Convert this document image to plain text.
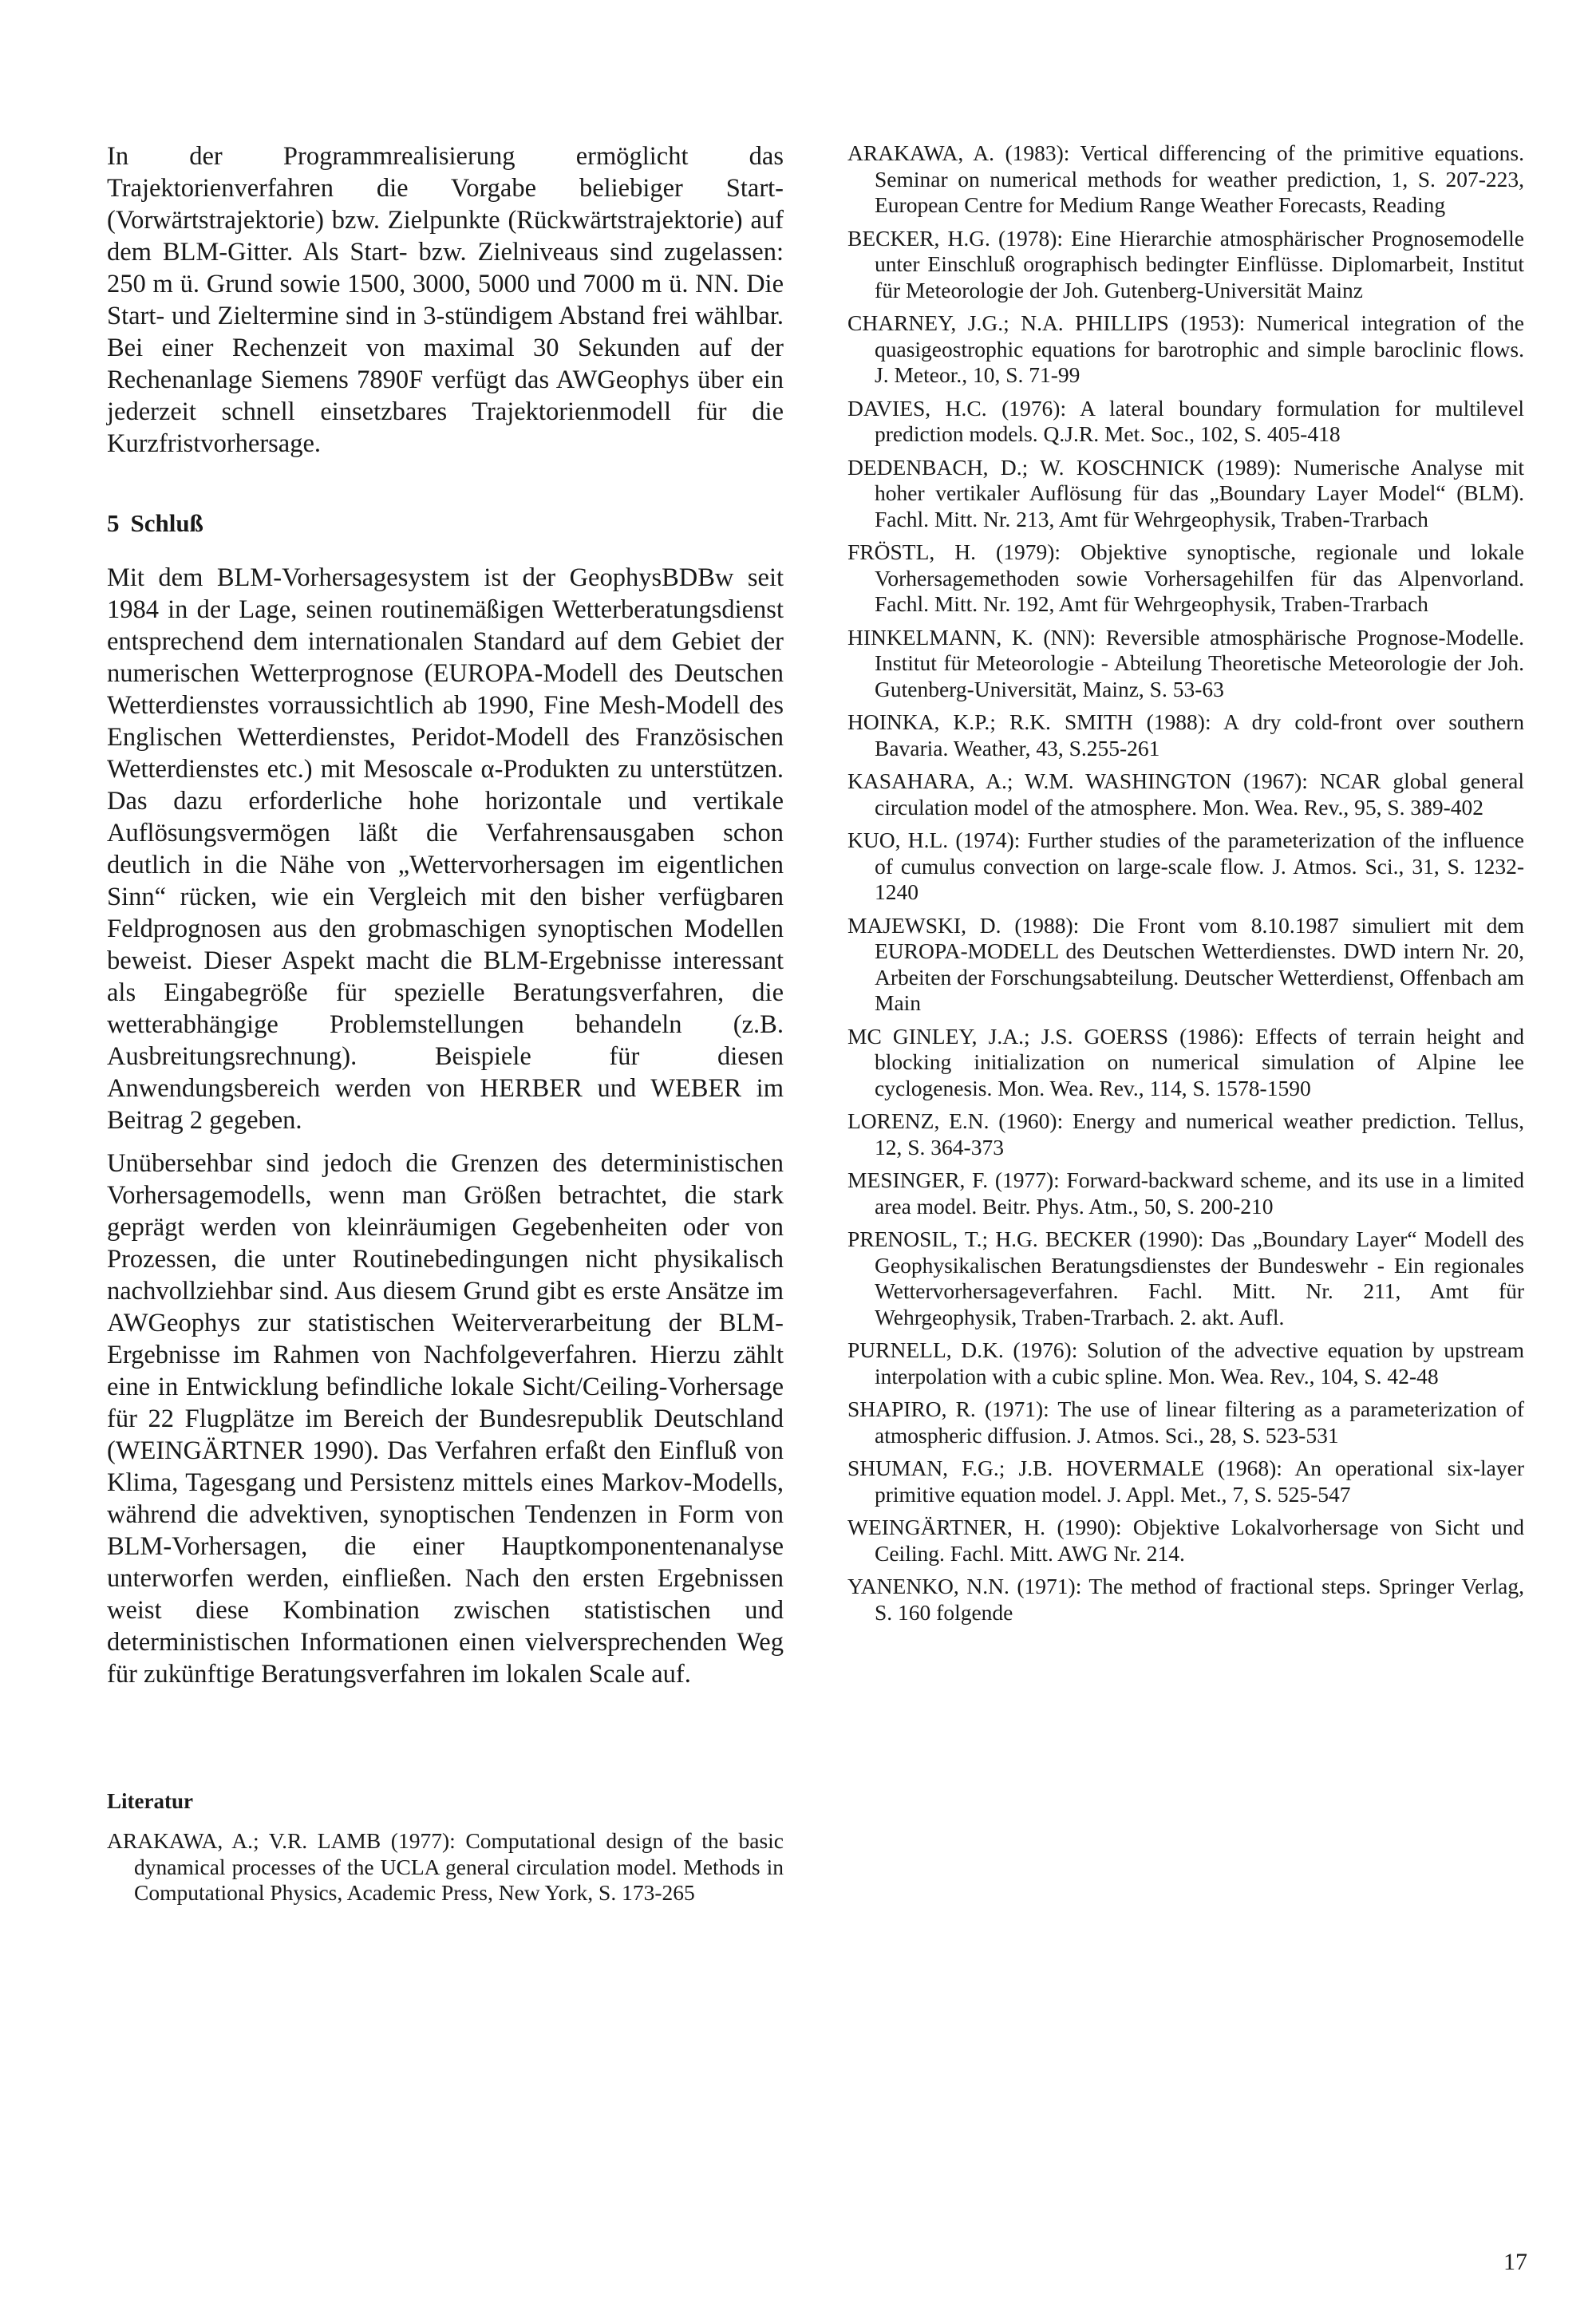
In der Programmrealisierung ermöglicht das Trajektorienverfahren die Vorgabe beliebiger Start- (Vorwärtstrajektorie) bzw. Zielpunkte (Rückwärtstrajektorie) auf dem BLM-Gitter. Als Start- bzw. Zielniveaus sind zugelassen: 250 m ü. Grund sowie 1500, 3000, 5000 und 7000 m ü. NN. Die Start- und Zieltermine sind in 3-stündigem Abstand frei wählbar. Bei einer Rechenzeit von maximal 30 Sekunden auf der Rechenanlage Siemens 7890F verfügt das AWGeophys über ein jederzeit schnell einsetzbares Trajektorienmodell für die Kurzfristvorhersage.

5 Schluß

Mit dem BLM-Vorhersagesystem ist der GeophysBDBw seit 1984 in der Lage, seinen routinemäßigen Wetterberatungsdienst entsprechend dem internationalen Standard auf dem Gebiet der numerischen Wetterprognose (EUROPA-Modell des Deutschen Wetterdienstes vorraussichtlich ab 1990, Fine Mesh-Modell des Englischen Wetterdienstes, Peridot-Modell des Französischen Wetterdienstes etc.) mit Mesoscale α-Produkten zu unterstützen. Das dazu erforderliche hohe horizontale und vertikale Auflösungsvermögen läßt die Verfahrensausgaben schon deutlich in die Nähe von „Wettervorhersagen im eigentlichen Sinn“ rücken, wie ein Vergleich mit den bisher verfügbaren Feldprognosen aus den grobmaschigen synoptischen Modellen beweist. Dieser Aspekt macht die BLM-Ergebnisse interessant als Eingabegröße für spezielle Beratungsverfahren, die wetterabhängige Problemstellungen behandeln (z.B. Ausbreitungsrechnung). Beispiele für diesen Anwendungsbereich werden von HERBER und WEBER im Beitrag 2 gegeben.

Unübersehbar sind jedoch die Grenzen des deterministischen Vorhersagemodells, wenn man Größen betrachtet, die stark geprägt werden von kleinräumigen Gegebenheiten oder von Prozessen, die unter Routinebedingungen nicht physikalisch nachvollziehbar sind. Aus diesem Grund gibt es erste Ansätze im AWGeophys zur statistischen Weiterverarbeitung der BLM-Ergebnisse im Rahmen von Nachfolgeverfahren. Hierzu zählt eine in Entwicklung befindliche lokale Sicht/Ceiling-Vorhersage für 22 Flugplätze im Bereich der Bundesrepublik Deutschland (WEINGÄRTNER 1990). Das Verfahren erfaßt den Einfluß von Klima, Tagesgang und Persistenz mittels eines Markov-Modells, während die advektiven, synoptischen Tendenzen in Form von BLM-Vorhersagen, die einer Hauptkomponentenanalyse unterworfen werden, einfließen. Nach den ersten Ergebnissen weist diese Kombination zwischen statistischen und deterministischen Informationen einen vielversprechenden Weg für zukünftige Beratungsverfahren im lokalen Scale auf.

Literatur

ARAKAWA, A.; V.R. LAMB (1977): Computational design of the basic dynamical processes of the UCLA general circulation model. Methods in Computational Physics, Academic Press, New York, S. 173-265

ARAKAWA, A. (1983): Vertical differencing of the primitive equations. Seminar on numerical methods for weather prediction, 1, S. 207-223, European Centre for Medium Range Weather Forecasts, Reading

BECKER, H.G. (1978): Eine Hierarchie atmosphärischer Prognosemodelle unter Einschluß orographisch bedingter Einflüsse. Diplomarbeit, Institut für Meteorologie der Joh. Gutenberg-Universität Mainz

CHARNEY, J.G.; N.A. PHILLIPS (1953): Numerical integration of the quasigeostrophic equations for barotrophic and simple baroclinic flows. J. Meteor., 10, S. 71-99

DAVIES, H.C. (1976): A lateral boundary formulation for multilevel prediction models. Q.J.R. Met. Soc., 102, S. 405-418

DEDENBACH, D.; W. KOSCHNICK (1989): Numerische Analyse mit hoher vertikaler Auflösung für das „Boundary Layer Model“ (BLM). Fachl. Mitt. Nr. 213, Amt für Wehrgeophysik, Traben-Trarbach

FRÖSTL, H. (1979): Objektive synoptische, regionale und lokale Vorhersagemethoden sowie Vorhersagehilfen für das Alpenvorland. Fachl. Mitt. Nr. 192, Amt für Wehrgeophysik, Traben-Trarbach

HINKELMANN, K. (NN): Reversible atmosphärische Prognose-Modelle. Institut für Meteorologie - Abteilung Theoretische Meteorologie der Joh. Gutenberg-Universität, Mainz, S. 53-63

HOINKA, K.P.; R.K. SMITH (1988): A dry cold-front over southern Bavaria. Weather, 43, S.255-261

KASAHARA, A.; W.M. WASHINGTON (1967): NCAR global general circulation model of the atmosphere. Mon. Wea. Rev., 95, S. 389-402

KUO, H.L. (1974): Further studies of the parameterization of the influence of cumulus convection on large-scale flow. J. Atmos. Sci., 31, S. 1232-1240

MAJEWSKI, D. (1988): Die Front vom 8.10.1987 simuliert mit dem EUROPA-MODELL des Deutschen Wetterdienstes. DWD intern Nr. 20, Arbeiten der Forschungsabteilung. Deutscher Wetterdienst, Offenbach am Main

MC GINLEY, J.A.; J.S. GOERSS (1986): Effects of terrain height and blocking initialization on numerical simulation of Alpine lee cyclogenesis. Mon. Wea. Rev., 114, S. 1578-1590

LORENZ, E.N. (1960): Energy and numerical weather prediction. Tellus, 12, S. 364-373

MESINGER, F. (1977): Forward-backward scheme, and its use in a limited area model. Beitr. Phys. Atm., 50, S. 200-210

PRENOSIL, T.; H.G. BECKER (1990): Das „Boundary Layer“ Modell des Geophysikalischen Beratungsdienstes der Bundeswehr - Ein regionales Wettervorhersageverfahren. Fachl. Mitt. Nr. 211, Amt für Wehrgeophysik, Traben-Trarbach. 2. akt. Aufl.

PURNELL, D.K. (1976): Solution of the advective equation by upstream interpolation with a cubic spline. Mon. Wea. Rev., 104, S. 42-48

SHAPIRO, R. (1971): The use of linear filtering as a parameterization of atmospheric diffusion. J. Atmos. Sci., 28, S. 523-531

SHUMAN, F.G.; J.B. HOVERMALE (1968): An operational six-layer primitive equation model. J. Appl. Met., 7, S. 525-547

WEINGÄRTNER, H. (1990): Objektive Lokalvorhersage von Sicht und Ceiling. Fachl. Mitt. AWG Nr. 214.

YANENKO, N.N. (1971): The method of fractional steps. Springer Verlag, S. 160 folgende

17
